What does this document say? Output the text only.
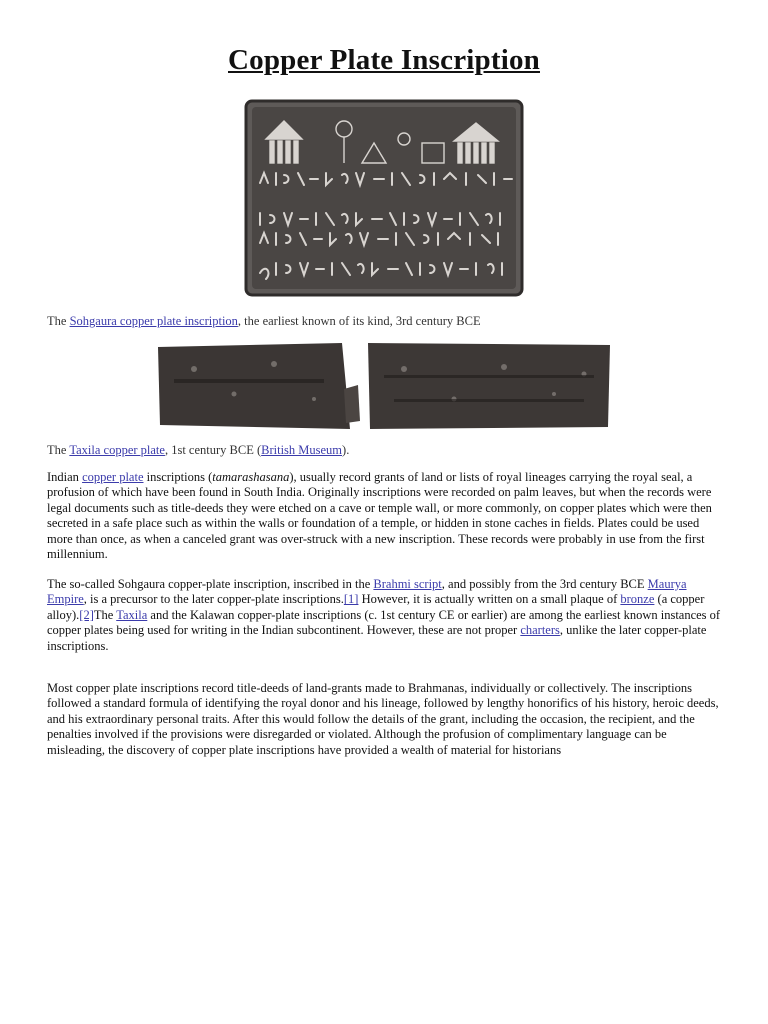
Copper Plate Inscription
The Sohgaura copper plate inscription, the earliest known of its kind, 3rd century BCE
The Taxila copper plate, 1st century BCE (British Museum).

Indian copper plate inscriptions (tamarashasana), usually record grants of land or lists of royal lineages carrying the royal seal, a profusion of which have been found in South India. Originally inscriptions were recorded on palm leaves, but when the records were legal documents such as title-deeds they were etched on a cave or temple wall, or more commonly, on copper plates which were then secreted in a safe place such as within the walls or foundation of a temple, or hidden in stone caches in fields. Plates could be used more than once, as when a canceled grant was over-struck with a new inscription. These records were probably in use from the first millennium.

The so-called Sohgaura copper-plate inscription, inscribed in the Brahmi script, and possibly from the 3rd century BCE Maurya Empire, is a precursor to the later copper-plate inscriptions.[1] However, it is actually written on a small plaque of bronze (a copper alloy).[2]The Taxila and the Kalawan copper-plate inscriptions (c. 1st century CE or earlier) are among the earliest known instances of copper plates being used for writing in the Indian subcontinent. However, these are not proper charters, unlike the later copper-plate inscriptions.

Most copper plate inscriptions record title-deeds of land-grants made to Brahmanas, individually or collectively. The inscriptions followed a standard formula of identifying the royal donor and his lineage, followed by lengthy honorifics of his history, heroic deeds, and his extraordinary personal traits. After this would follow the details of the grant, including the occasion, the recipient, and the penalties involved if the provisions were disregarded or violated. Although the profusion of complimentary language can be misleading, the discovery of copper plate inscriptions have provided a wealth of material for historians
